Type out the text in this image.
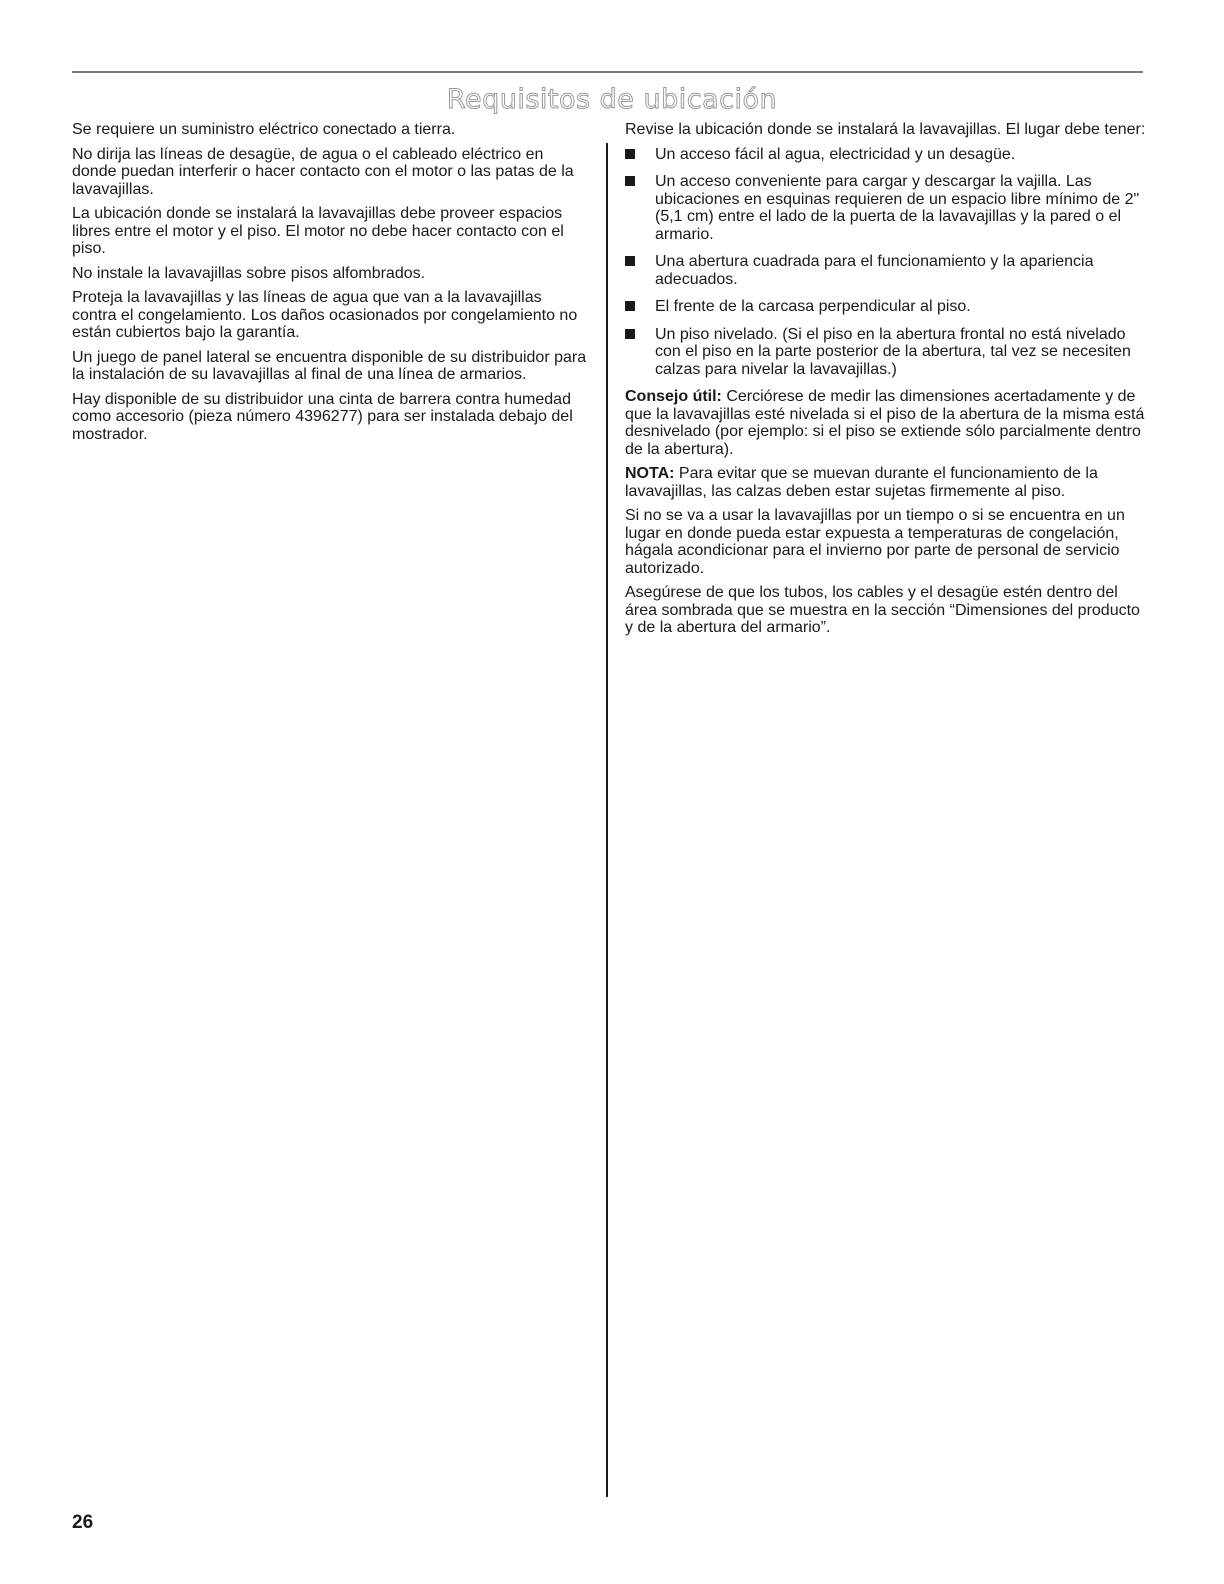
Requisitos de ubicación

Se requiere un suministro eléctrico conectado a tierra.

No dirija las líneas de desagüe, de agua o el cableado eléctrico en donde puedan interferir o hacer contacto con el motor o las patas de la lavavajillas.

La ubicación donde se instalará la lavavajillas debe proveer espacios libres entre el motor y el piso. El motor no debe hacer contacto con el piso.

No instale la lavavajillas sobre pisos alfombrados.

Proteja la lavavajillas y las líneas de agua que van a la lavavajillas contra el congelamiento. Los daños ocasionados por congelamiento no están cubiertos bajo la garantía.

Un juego de panel lateral se encuentra disponible de su distribuidor para la instalación de su lavavajillas al final de una línea de armarios.

Hay disponible de su distribuidor una cinta de barrera contra humedad como accesorio (pieza número 4396277) para ser instalada debajo del mostrador.

Revise la ubicación donde se instalará la lavavajillas. El lugar debe tener:

Un acceso fácil al agua, electricidad y un desagüe.
Un acceso conveniente para cargar y descargar la vajilla. Las ubicaciones en esquinas requieren de un espacio libre mínimo de 2" (5,1 cm) entre el lado de la puerta de la lavavajillas y la pared o el armario.
Una abertura cuadrada para el funcionamiento y la apariencia adecuados.
El frente de la carcasa perpendicular al piso.
Un piso nivelado. (Si el piso en la abertura frontal no está nivelado con el piso en la parte posterior de la abertura, tal vez se necesiten calzas para nivelar la lavavajillas.)

Consejo útil: Cerciórese de medir las dimensiones acertadamente y de que la lavavajillas esté nivelada si el piso de la abertura de la misma está desnivelado (por ejemplo: si el piso se extiende sólo parcialmente dentro de la abertura).

NOTA: Para evitar que se muevan durante el funcionamiento de la lavavajillas, las calzas deben estar sujetas firmemente al piso.

Si no se va a usar la lavavajillas por un tiempo o si se encuentra en un lugar en donde pueda estar expuesta a temperaturas de congelación, hágala acondicionar para el invierno por parte de personal de servicio autorizado.

Asegúrese de que los tubos, los cables y el desagüe estén dentro del área sombrada que se muestra en la sección “Dimensiones del producto y de la abertura del armario”.

26
